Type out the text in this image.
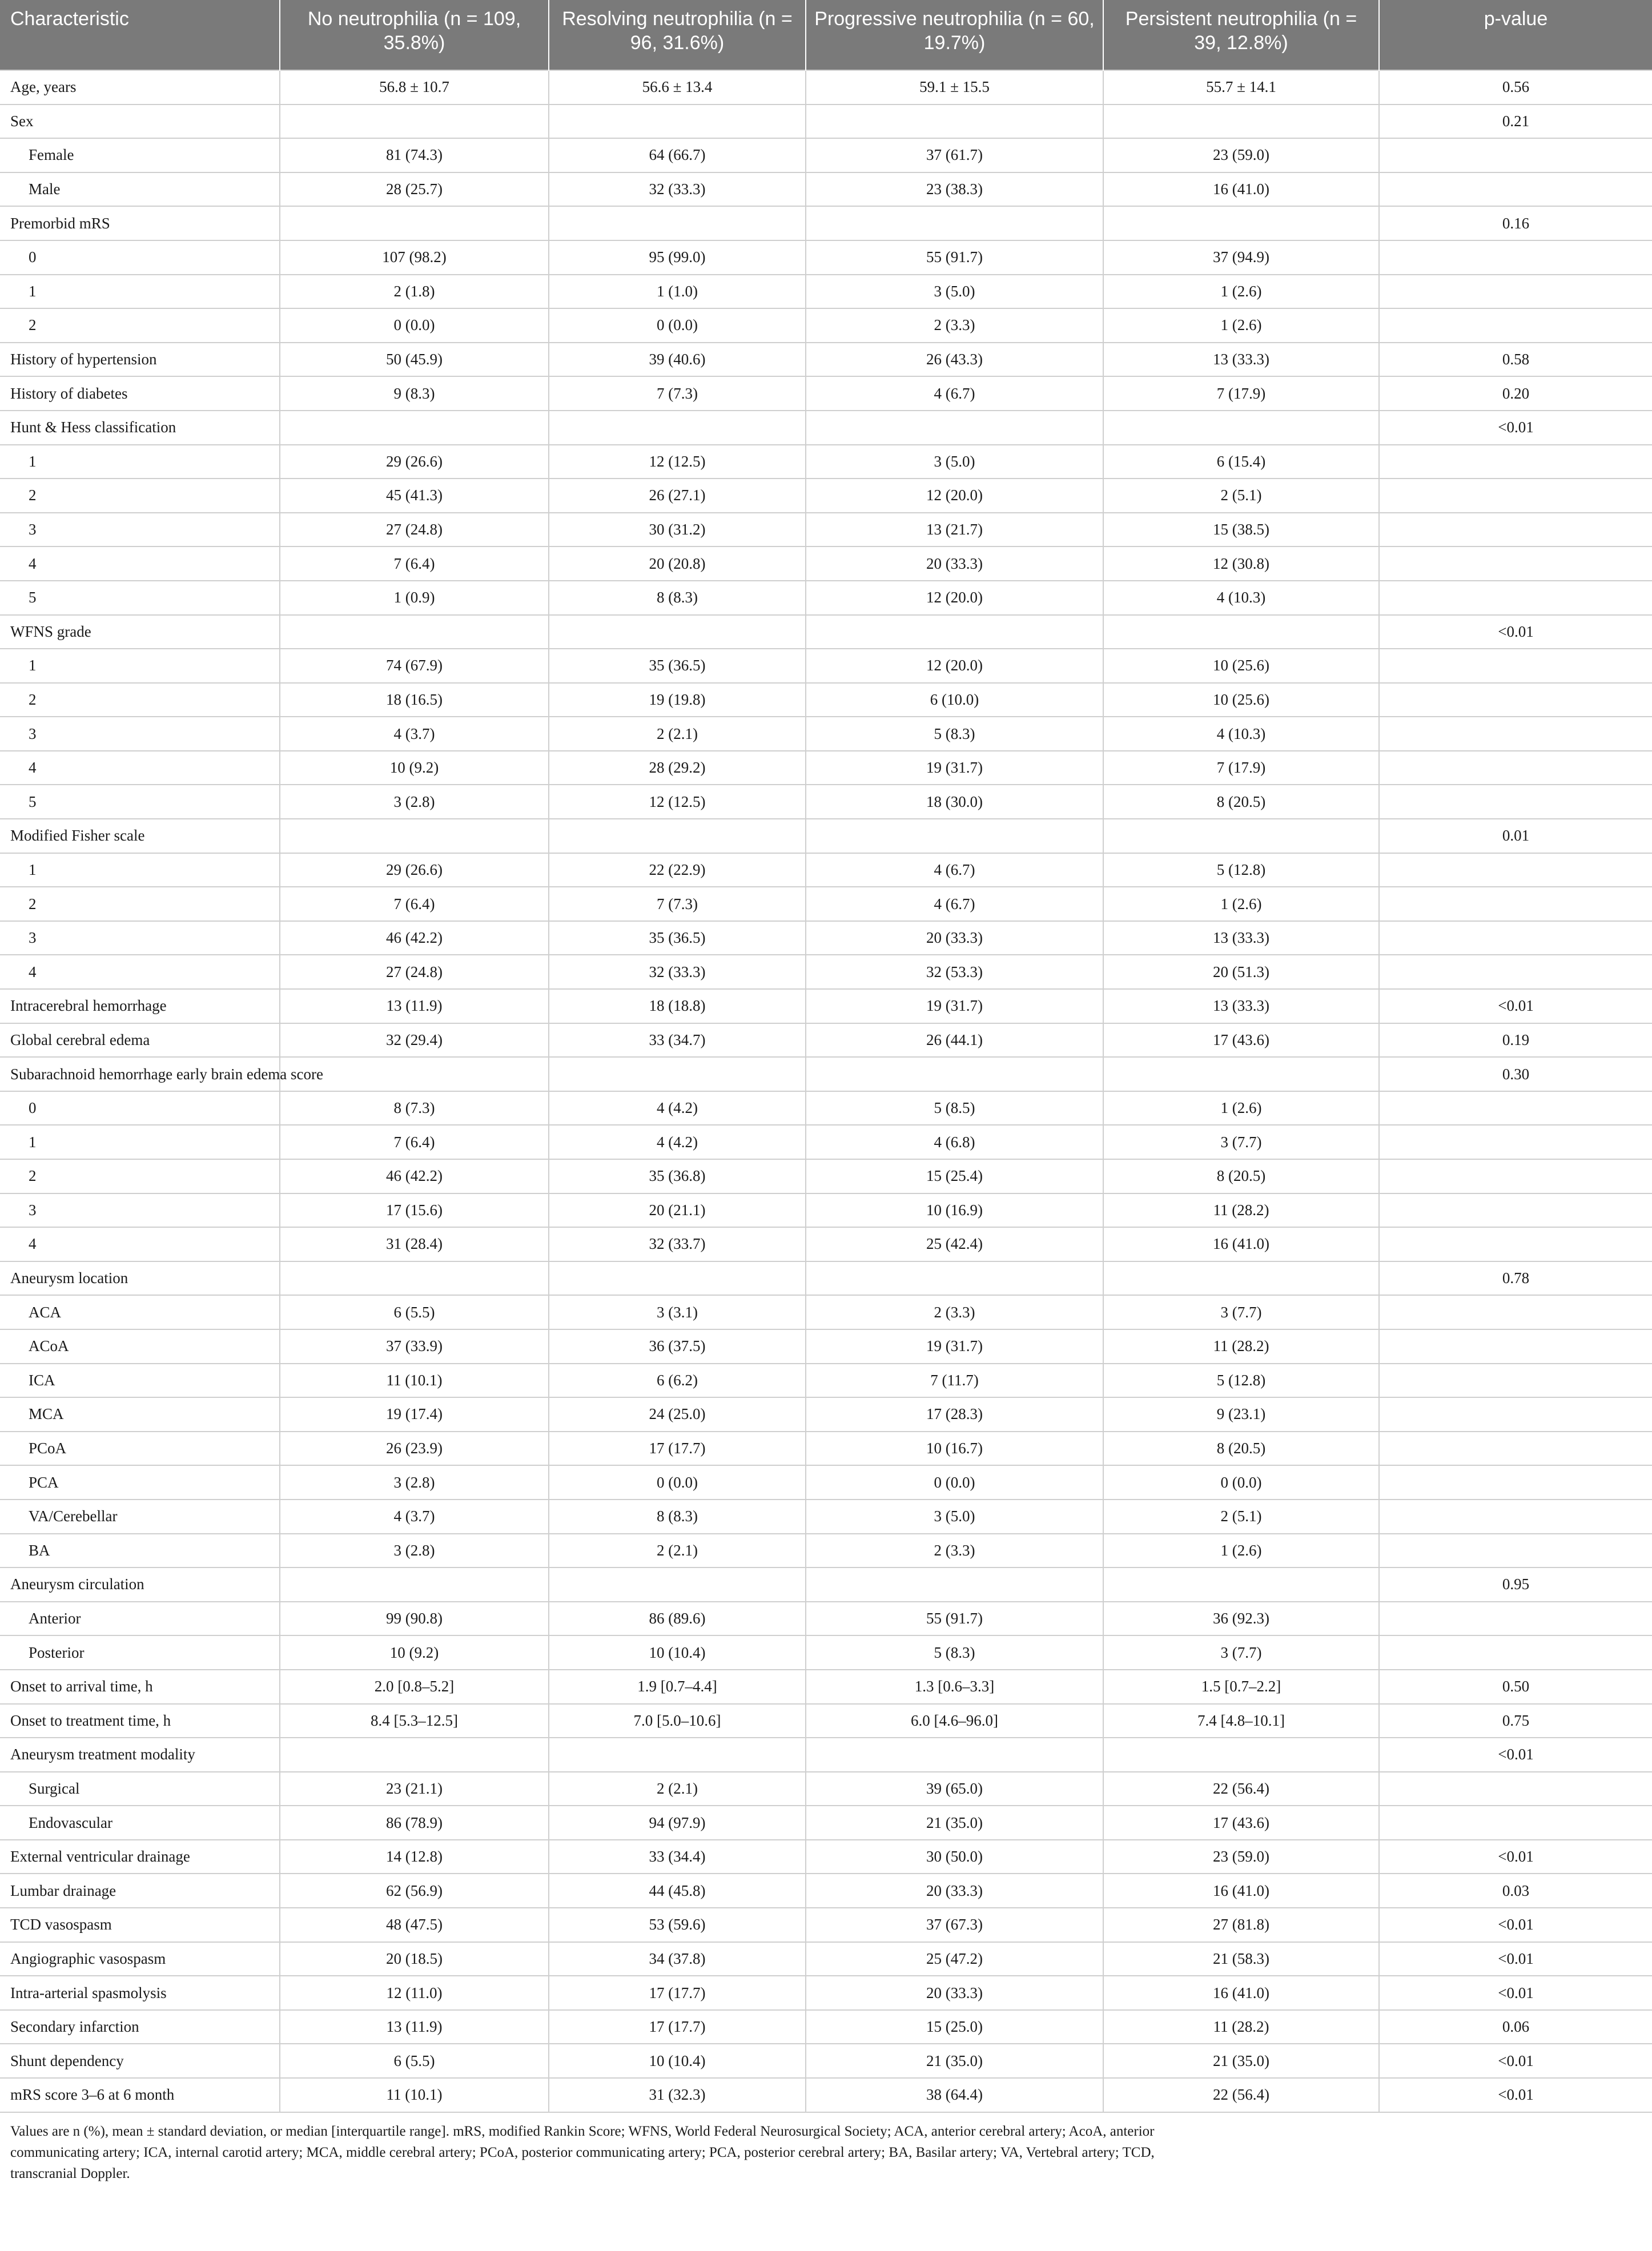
Characteristic	No neutrophilia (n = 109, 35.8%)	Resolving neutrophilia (n = 96, 31.6%)	Progressive neutrophilia (n = 60, 19.7%)	Persistent neutrophilia (n = 39, 12.8%)	p-value
Age, years	56.8 ± 10.7	56.6 ± 13.4	59.1 ± 15.5	55.7 ± 14.1	0.56
Sex					0.21
Female	81 (74.3)	64 (66.7)	37 (61.7)	23 (59.0)	
Male	28 (25.7)	32 (33.3)	23 (38.3)	16 (41.0)	
Premorbid mRS					0.16
0	107 (98.2)	95 (99.0)	55 (91.7)	37 (94.9)	
1	2 (1.8)	1 (1.0)	3 (5.0)	1 (2.6)	
2	0 (0.0)	0 (0.0)	2 (3.3)	1 (2.6)	
History of hypertension	50 (45.9)	39 (40.6)	26 (43.3)	13 (33.3)	0.58
History of diabetes	9 (8.3)	7 (7.3)	4 (6.7)	7 (17.9)	0.20
Hunt & Hess classification					<0.01
1	29 (26.6)	12 (12.5)	3 (5.0)	6 (15.4)	
2	45 (41.3)	26 (27.1)	12 (20.0)	2 (5.1)	
3	27 (24.8)	30 (31.2)	13 (21.7)	15 (38.5)	
4	7 (6.4)	20 (20.8)	20 (33.3)	12 (30.8)	
5	1 (0.9)	8 (8.3)	12 (20.0)	4 (10.3)	
WFNS grade					<0.01
1	74 (67.9)	35 (36.5)	12 (20.0)	10 (25.6)	
2	18 (16.5)	19 (19.8)	6 (10.0)	10 (25.6)	
3	4 (3.7)	2 (2.1)	5 (8.3)	4 (10.3)	
4	10 (9.2)	28 (29.2)	19 (31.7)	7 (17.9)	
5	3 (2.8)	12 (12.5)	18 (30.0)	8 (20.5)	
Modified Fisher scale					0.01
1	29 (26.6)	22 (22.9)	4 (6.7)	5 (12.8)	
2	7 (6.4)	7 (7.3)	4 (6.7)	1 (2.6)	
3	46 (42.2)	35 (36.5)	20 (33.3)	13 (33.3)	
4	27 (24.8)	32 (33.3)	32 (53.3)	20 (51.3)	
Intracerebral hemorrhage	13 (11.9)	18 (18.8)	19 (31.7)	13 (33.3)	<0.01
Global cerebral edema	32 (29.4)	33 (34.7)	26 (44.1)	17 (43.6)	0.19
Subarachnoid hemorrhage early brain edema score					0.30
0	8 (7.3)	4 (4.2)	5 (8.5)	1 (2.6)	
1	7 (6.4)	4 (4.2)	4 (6.8)	3 (7.7)	
2	46 (42.2)	35 (36.8)	15 (25.4)	8 (20.5)	
3	17 (15.6)	20 (21.1)	10 (16.9)	11 (28.2)	
4	31 (28.4)	32 (33.7)	25 (42.4)	16 (41.0)	
Aneurysm location					0.78
ACA	6 (5.5)	3 (3.1)	2 (3.3)	3 (7.7)	
ACoA	37 (33.9)	36 (37.5)	19 (31.7)	11 (28.2)	
ICA	11 (10.1)	6 (6.2)	7 (11.7)	5 (12.8)	
MCA	19 (17.4)	24 (25.0)	17 (28.3)	9 (23.1)	
PCoA	26 (23.9)	17 (17.7)	10 (16.7)	8 (20.5)	
PCA	3 (2.8)	0 (0.0)	0 (0.0)	0 (0.0)	
VA/Cerebellar	4 (3.7)	8 (8.3)	3 (5.0)	2 (5.1)	
BA	3 (2.8)	2 (2.1)	2 (3.3)	1 (2.6)	
Aneurysm circulation					0.95
Anterior	99 (90.8)	86 (89.6)	55 (91.7)	36 (92.3)	
Posterior	10 (9.2)	10 (10.4)	5 (8.3)	3 (7.7)	
Onset to arrival time, h	2.0 [0.8–5.2]	1.9 [0.7–4.4]	1.3 [0.6–3.3]	1.5 [0.7–2.2]	0.50
Onset to treatment time, h	8.4 [5.3–12.5]	7.0 [5.0–10.6]	6.0 [4.6–96.0]	7.4 [4.8–10.1]	0.75
Aneurysm treatment modality					<0.01
Surgical	23 (21.1)	2 (2.1)	39 (65.0)	22 (56.4)	
Endovascular	86 (78.9)	94 (97.9)	21 (35.0)	17 (43.6)	
External ventricular drainage	14 (12.8)	33 (34.4)	30 (50.0)	23 (59.0)	<0.01
Lumbar drainage	62 (56.9)	44 (45.8)	20 (33.3)	16 (41.0)	0.03
TCD vasospasm	48 (47.5)	53 (59.6)	37 (67.3)	27 (81.8)	<0.01
Angiographic vasospasm	20 (18.5)	34 (37.8)	25 (47.2)	21 (58.3)	<0.01
Intra-arterial spasmolysis	12 (11.0)	17 (17.7)	20 (33.3)	16 (41.0)	<0.01
Secondary infarction	13 (11.9)	17 (17.7)	15 (25.0)	11 (28.2)	0.06
Shunt dependency	6 (5.5)	10 (10.4)	21 (35.0)	21 (35.0)	<0.01
mRS score 3–6 at 6 month	11 (10.1)	31 (32.3)	38 (64.4)	22 (56.4)	<0.01
Values are n (%), mean ± standard deviation, or median [interquartile range]. mRS, modified Rankin Score; WFNS, World Federal Neurosurgical Society; ACA, anterior cerebral artery; AcoA, anterior communicating artery; ICA, internal carotid artery; MCA, middle cerebral artery; PCoA, posterior communicating artery; PCA, posterior cerebral artery; BA, Basilar artery; VA, Vertebral artery; TCD, transcranial Doppler.
